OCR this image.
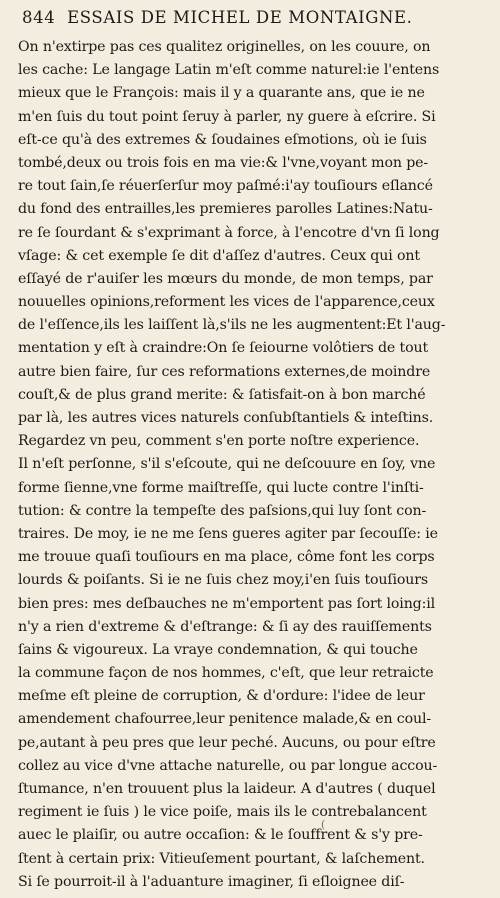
844 ESSAIS DE MICHEL DE MONTAIGNE.
On n'extirpe pas ces qualitez originelles, on les couure, on
les cache: Le langage Latin m'eſt comme naturel:ie l'entens
mieux que le François: mais il y a quarante ans, que ie ne
m'en ſuis du tout point ſeruy à parler, ny guere à eſcrire. Si
eſt-ce qu'à des extremes & ſoudaines eſmotions, où ie ſuis
tombé,deux ou trois fois en ma vie:& l'vne,voyant mon pe-
re tout ſain,ſe réuerſerſur moy paſmé:i'ay touſiours eſlancé
du fond des entrailles,les premieres parolles Latines:Natu-
re ſe ſourdant & s'exprimant à force, à l'encotre d'vn ſi long
vſage: & cet exemple ſe dit d'aſſez d'autres. Ceux qui ont
eſſayé de r'auiſer les mœurs du monde, de mon temps, par
nouuelles opinions,reforment les vices de l'apparence,ceux
de l'eſſence,ils les laiſſent là,s'ils ne les augmentent:Et l'aug-
mentation y eſt à craindre:On ſe ſeiourne volôtiers de tout
autre bien faire, ſur ces reformations externes,de moindre
couſt,& de plus grand merite: & ſatisfait-on à bon marché
par là, les autres vices naturels conſubſtantiels & inteſtins.
Regardez vn peu, comment s'en porte noſtre experience.
Il n'eſt perſonne, s'il s'eſcoute, qui ne deſcouure en ſoy, vne
forme ſienne,vne forme maiſtreſſe, qui lucte contre l'inſti-
tution: & contre la tempeſte des paſsions,qui luy ſont con-
traires. De moy, ie ne me ſens gueres agiter par ſecouſſe: ie
me trouue quaſi touſiours en ma place, côme font les corps
lourds & poiſants. Si ie ne ſuis chez moy,i'en ſuis touſiours
bien pres: mes deſbauches ne m'emportent pas ſort loing:il
n'y a rien d'extreme & d'eſtrange: & ſi ay des rauiſſements
ſains & vigoureux. La vraye condemnation, & qui touche
la commune façon de nos hommes, c'eſt, que leur retraicte
meſme eſt pleine de corruption, & d'ordure: l'idee de leur
amendement chafourree,leur penitence malade,& en coul-
pe,autant à peu pres que leur peché. Aucuns, ou pour eſtre
collez au vice d'vne attache naturelle, ou par longue accou-
ſtumance, n'en trouuent plus la laideur. A d'autres ( duquel
regiment ie ſuis ) le vice poiſe, mais ils le contrebalancent
auec le plaiſir, ou autre occaſion: & le ſouffrent & s'y pre-
ſtent à certain prix: Vitieuſement pourtant, & laſchement.
Si ſe pourroit-il à l'aduanture imaginer, ſi eſloignee diſ-
(
